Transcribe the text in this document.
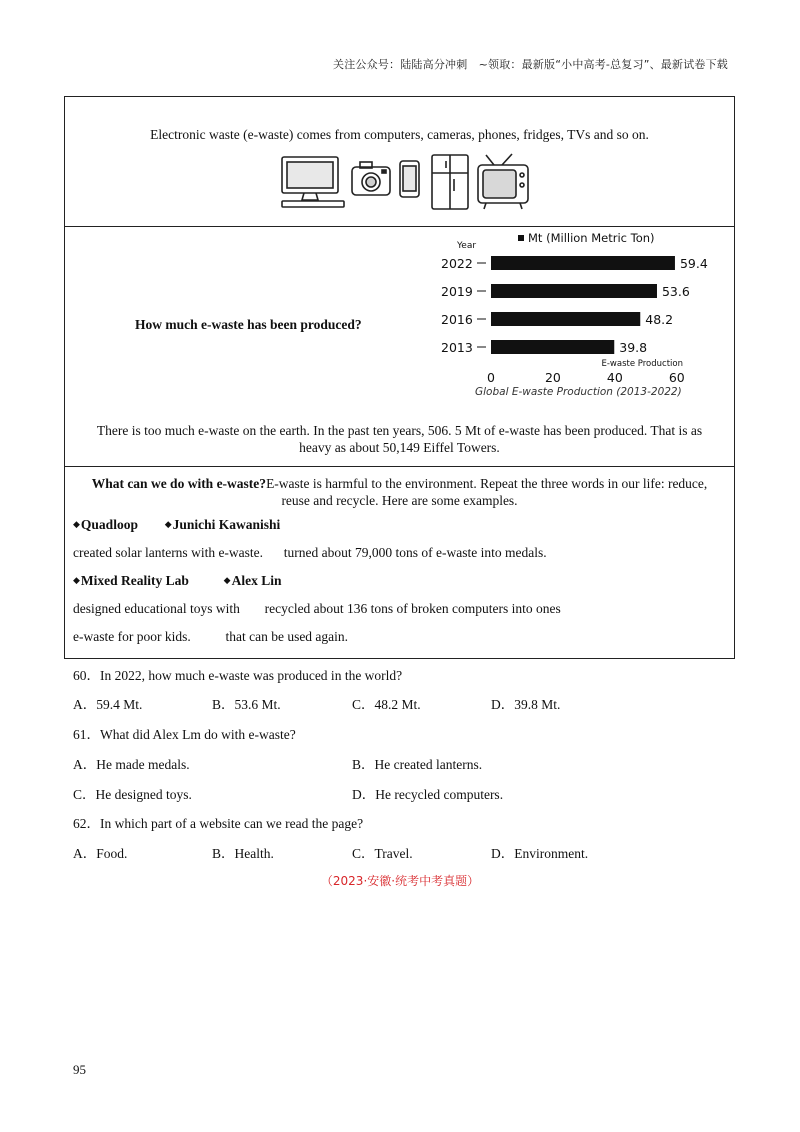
关注公众号：陆陆高分冲刺　~领取：最新版“小中高考-总复习”、最新试卷下载
Electronic waste (e-waste) comes from computers, cameras, phones, fridges, TVs and so on.
How much e-waste has been produced?
Mt (Million Metric Ton)
Year
2022	59.4
2019	53.6
2016	48.2
2013	39.8
0	20	40	60
E-waste Production
Global E-waste Production (2013-2022)
There is too much e-waste on the earth. In the past ten years, 506. 5 Mt of e-waste has been produced. That is as
heavy as about 50,149 Eiffel Towers.
What can we do with e-waste?E-waste is harmful to the environment. Repeat the three words in our life: reduce,
reuse and recycle. Here are some examples.
◆Quadloop	◆Junichi Kawanishi
created solar lanterns with e-waste. turned about 79,000 tons of e-waste into medals.
◆Mixed Reality Lab	◆Alex Lin
designed educational toys with recycled about 136 tons of broken computers into ones
e-waste for poor kids.	that can be used again.
60．In 2022, how much e-waste was produced in the world?
A．59.4 Mt.	B．53.6 Mt.	C．48.2 Mt.	D．39.8 Mt.
61．What did Alex Lm do with e-waste?
A．He made medals.	B．He created lanterns.
C．He designed toys.	D．He recycled computers.
62．In which part of a website can we read the page?
A．Food.	B．Health.	C．Travel.	D．Environment.
（2023·安徽·统考中考真题）
95
